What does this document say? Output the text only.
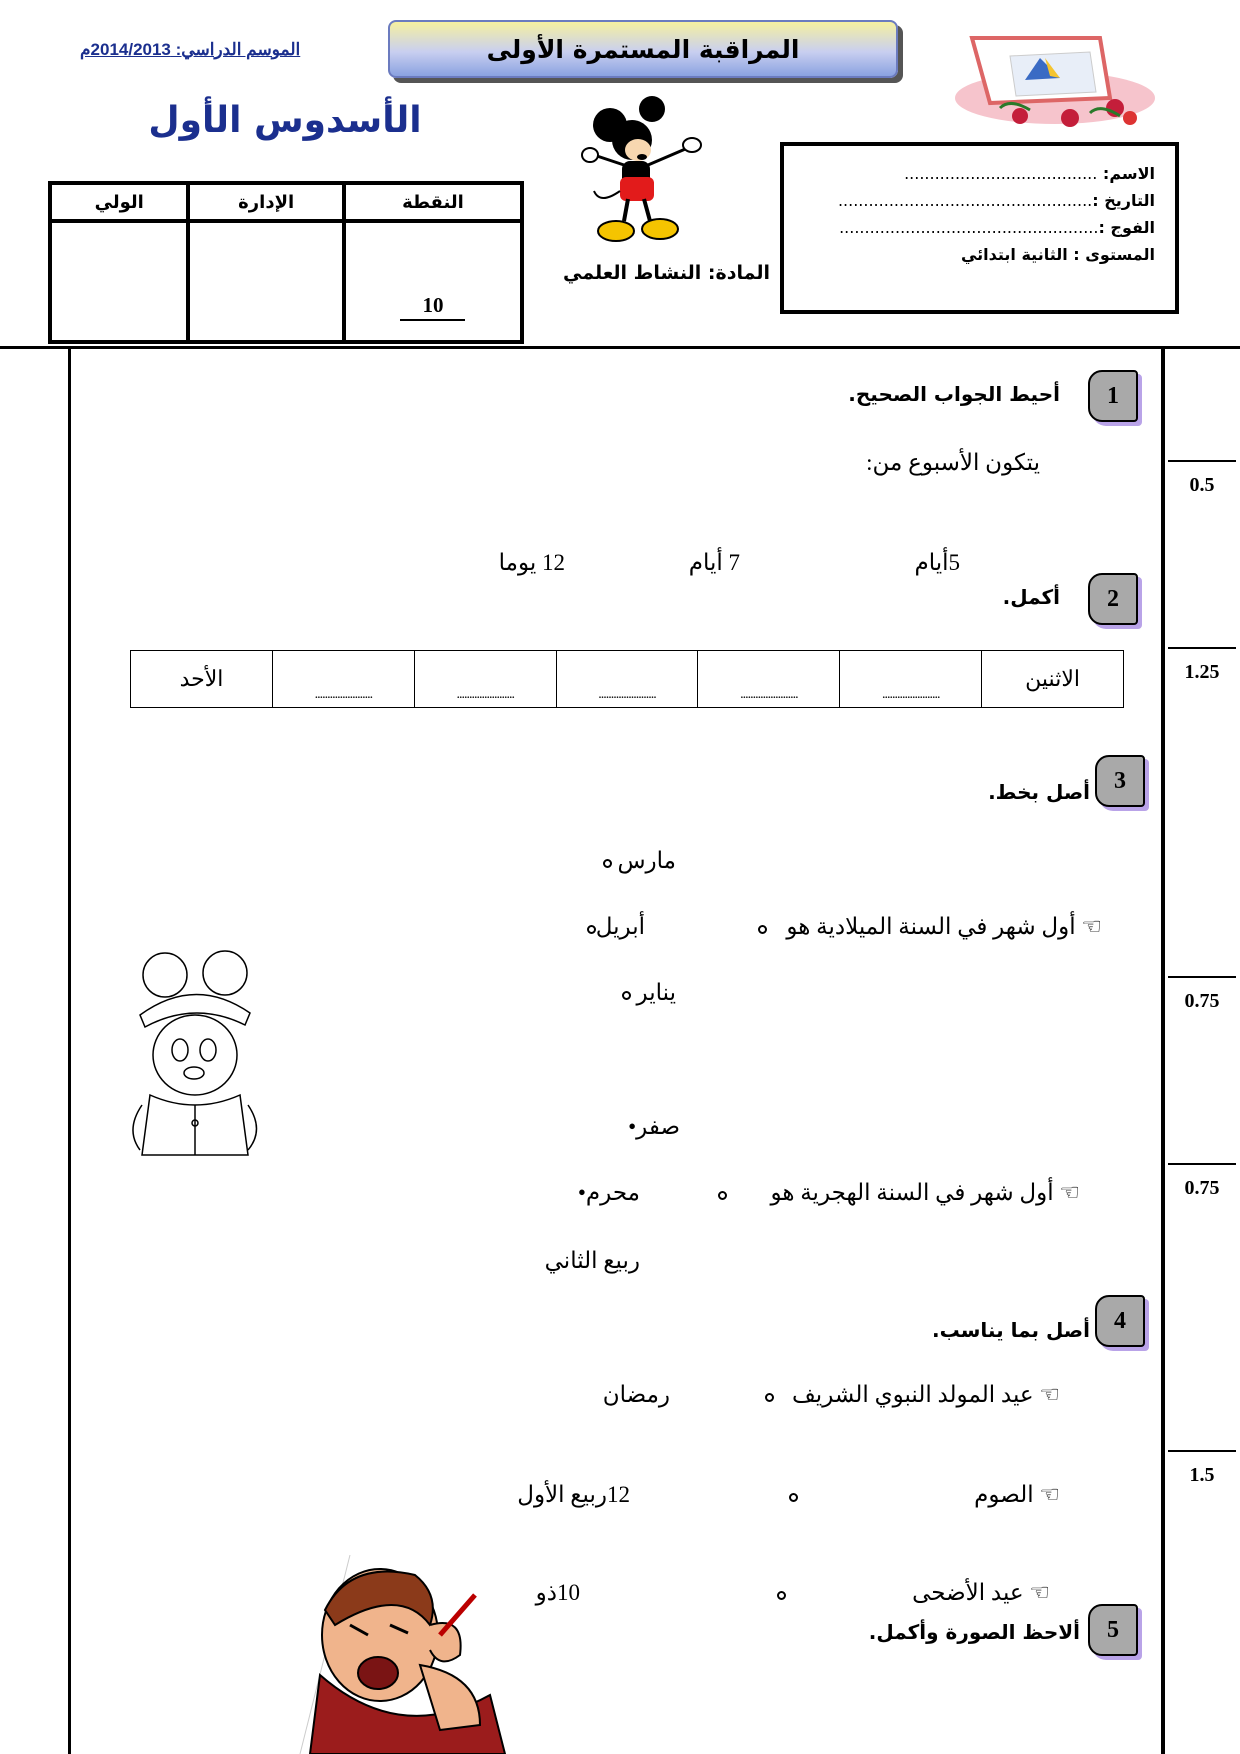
الموسم الدراسي: 2014/2013م	المراقبة المستمرة الأولى
الأسدوس الأول
المادة: النشاط العلمي
الولي	الإدارة	النقطة
		10
الاسم: ......................................
التاريخ :..................................................
الفوج :...................................................
المستوى : الثانية ابتدائي
0.5
1.25
0.75
0.75
1.5
1
أحيط الجواب الصحيح.
يتكون الأسبوع من:
5أيام
7 أيام
12 يوما
2
أكمل.
الاثنين	.......................	.......................	.......................	.......................	.......................	الأحد
3
أصل بخط.
مارس
أبريل	☜ أول شهر في السنة الميلادية هو
يناير
صفر•
محرم•	☜ أول شهر في السنة الهجرية هو
ربيع الثاني
4
أصل بما يناسب.
☜ عيد المولد النبوي الشريف
رمضان
☜ الصوم
12ربيع الأول
☜ عيد الأضحى
10ذو
5
ألاحظ الصورة وأكمل.
